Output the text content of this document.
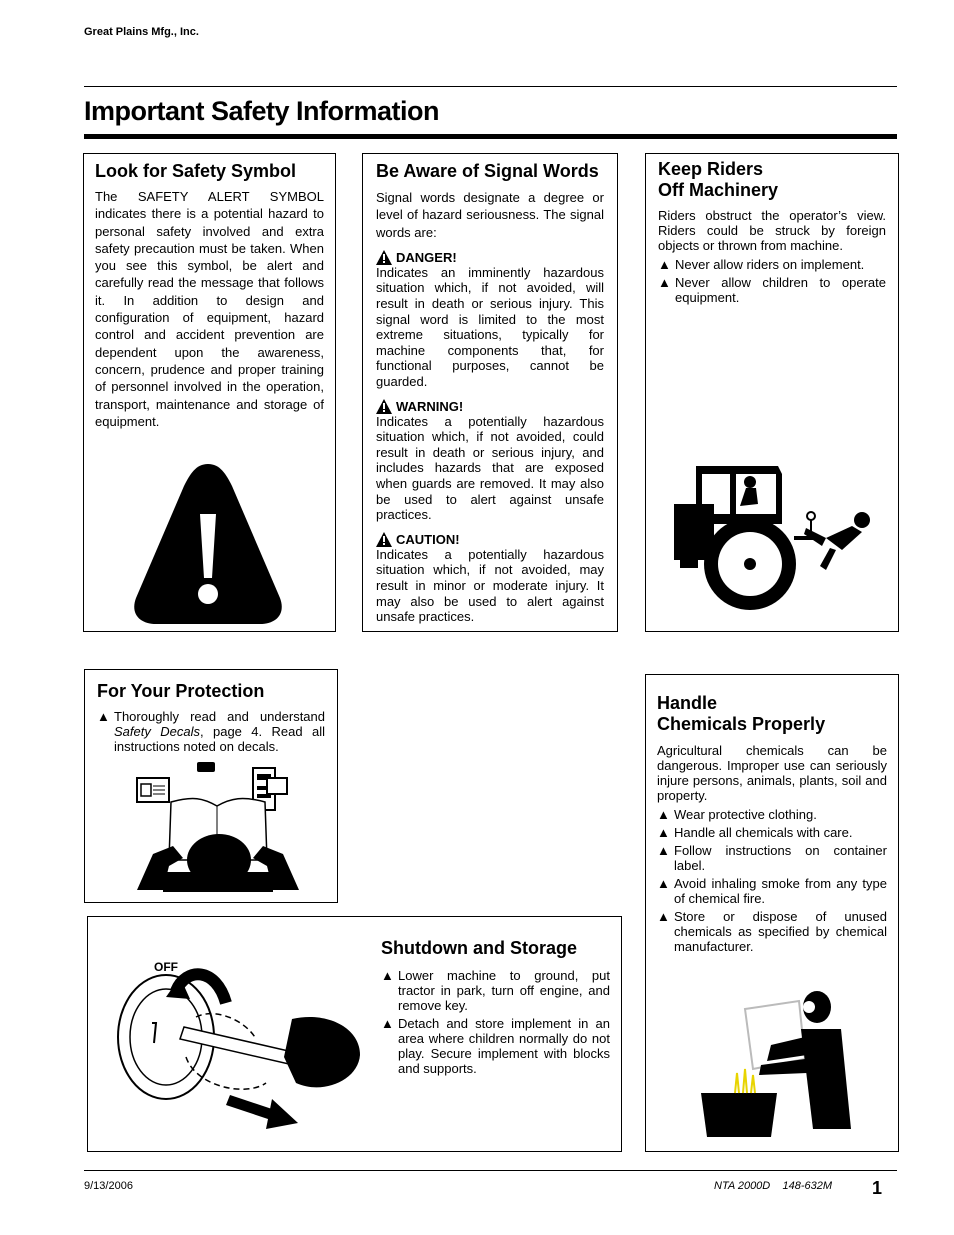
Great Plains Mfg., Inc.
Important Safety Information
Look for Safety Symbol

The SAFETY ALERT SYMBOL indicates there is a potential hazard to personal safety involved and extra safety precaution must be taken. When you see this symbol, be alert and carefully read the message that follows it. In addition to design and configuration of equipment, hazard control and accident prevention are dependent upon the awareness, concern, prudence and proper training of personnel involved in the operation, transport, maintenance and storage of equipment.

Be Aware of Signal Words

Signal words designate a degree or level of hazard seriousness. The signal words are:

DANGER!
Indicates an imminently hazardous situation which, if not avoided, will result in death or serious injury. This signal word is limited to the most extreme situations, typically for machine components that, for functional purposes, cannot be guarded.
WARNING!
Indicates a potentially hazardous situation which, if not avoided, could result in death or serious injury, and includes hazards that are exposed when guards are removed. It may also be used to alert against unsafe practices.
CAUTION!
Indicates a potentially hazardous situation which, if not avoided, may result in minor or moderate injury. It may also be used to alert against unsafe practices.
Keep Riders
Off Machinery

Riders obstruct the operator’s view. Riders could be struck by foreign objects or thrown from machine.

▲ Never allow riders on implement.
▲ Never allow children to operate equipment.
For Your Protection
▲ Thoroughly read and understand Safety Decals, page 4. Read all instructions noted on decals.
Handle
Chemicals Properly

Agricultural chemicals can be dangerous. Improper use can seriously injure persons, animals, plants, soil and property.

▲ Wear protective clothing.
▲ Handle all chemicals with care.
▲ Follow instructions on container label.
▲ Avoid inhaling smoke from any type of chemical fire.
▲ Store or dispose of unused chemicals as specified by chemical manufacturer.
OFF
Shutdown and Storage
▲ Lower machine to ground, put tractor in park, turn off engine, and remove key.
▲ Detach and store implement in an area where children normally do not play. Secure implement with blocks and supports.
9/13/2006	NTA 2000D    148-632M 1
